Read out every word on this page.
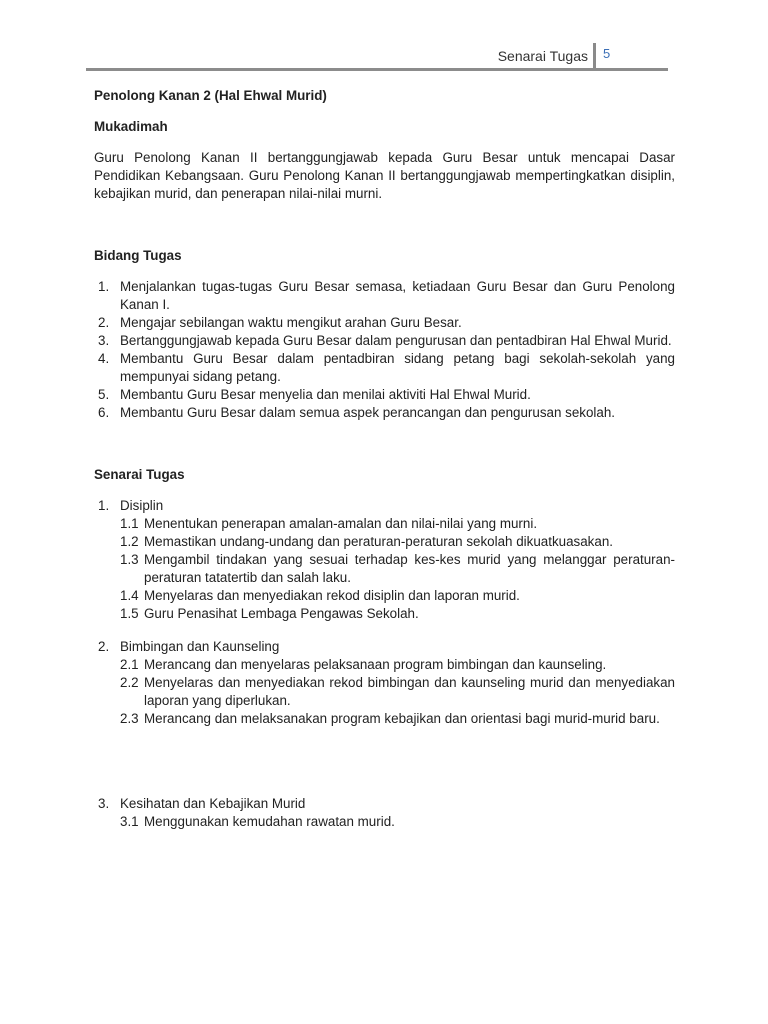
Senarai Tugas 5

Penolong Kanan 2 (Hal Ehwal Murid)

Mukadimah

Guru Penolong Kanan II bertanggungjawab kepada Guru Besar untuk mencapai Dasar Pendidikan Kebangsaan. Guru Penolong Kanan II bertanggungjawab mempertingkatkan disiplin, kebajikan murid, dan penerapan nilai-nilai murni.

Bidang Tugas

1. Menjalankan tugas-tugas Guru Besar semasa, ketiadaan Guru Besar dan Guru Penolong Kanan I.
2. Mengajar sebilangan waktu mengikut arahan Guru Besar.
3. Bertanggungjawab kepada Guru Besar dalam pengurusan dan pentadbiran Hal Ehwal Murid.
4. Membantu Guru Besar dalam pentadbiran sidang petang bagi sekolah-sekolah yang mempunyai sidang petang.
5. Membantu Guru Besar menyelia dan menilai aktiviti Hal Ehwal Murid.
6. Membantu Guru Besar dalam semua aspek perancangan dan pengurusan sekolah.

Senarai Tugas

1. Disiplin
1.1 Menentukan penerapan amalan-amalan dan nilai-nilai yang murni.
1.2 Memastikan undang-undang dan peraturan-peraturan sekolah dikuatkuasakan.
1.3 Mengambil tindakan yang sesuai terhadap kes-kes murid yang melanggar peraturan-peraturan tatatertib dan salah laku.
1.4 Menyelaras dan menyediakan rekod disiplin dan laporan murid.
1.5 Guru Penasihat Lembaga Pengawas Sekolah.
2. Bimbingan dan Kaunseling
2.1 Merancang dan menyelaras pelaksanaan program bimbingan dan kaunseling.
2.2 Menyelaras dan menyediakan rekod bimbingan dan kaunseling murid dan menyediakan laporan yang diperlukan.
2.3 Merancang dan melaksanakan program kebajikan dan orientasi bagi murid-murid baru.
3. Kesihatan dan Kebajikan Murid
3.1 Menggunakan kemudahan rawatan murid.
